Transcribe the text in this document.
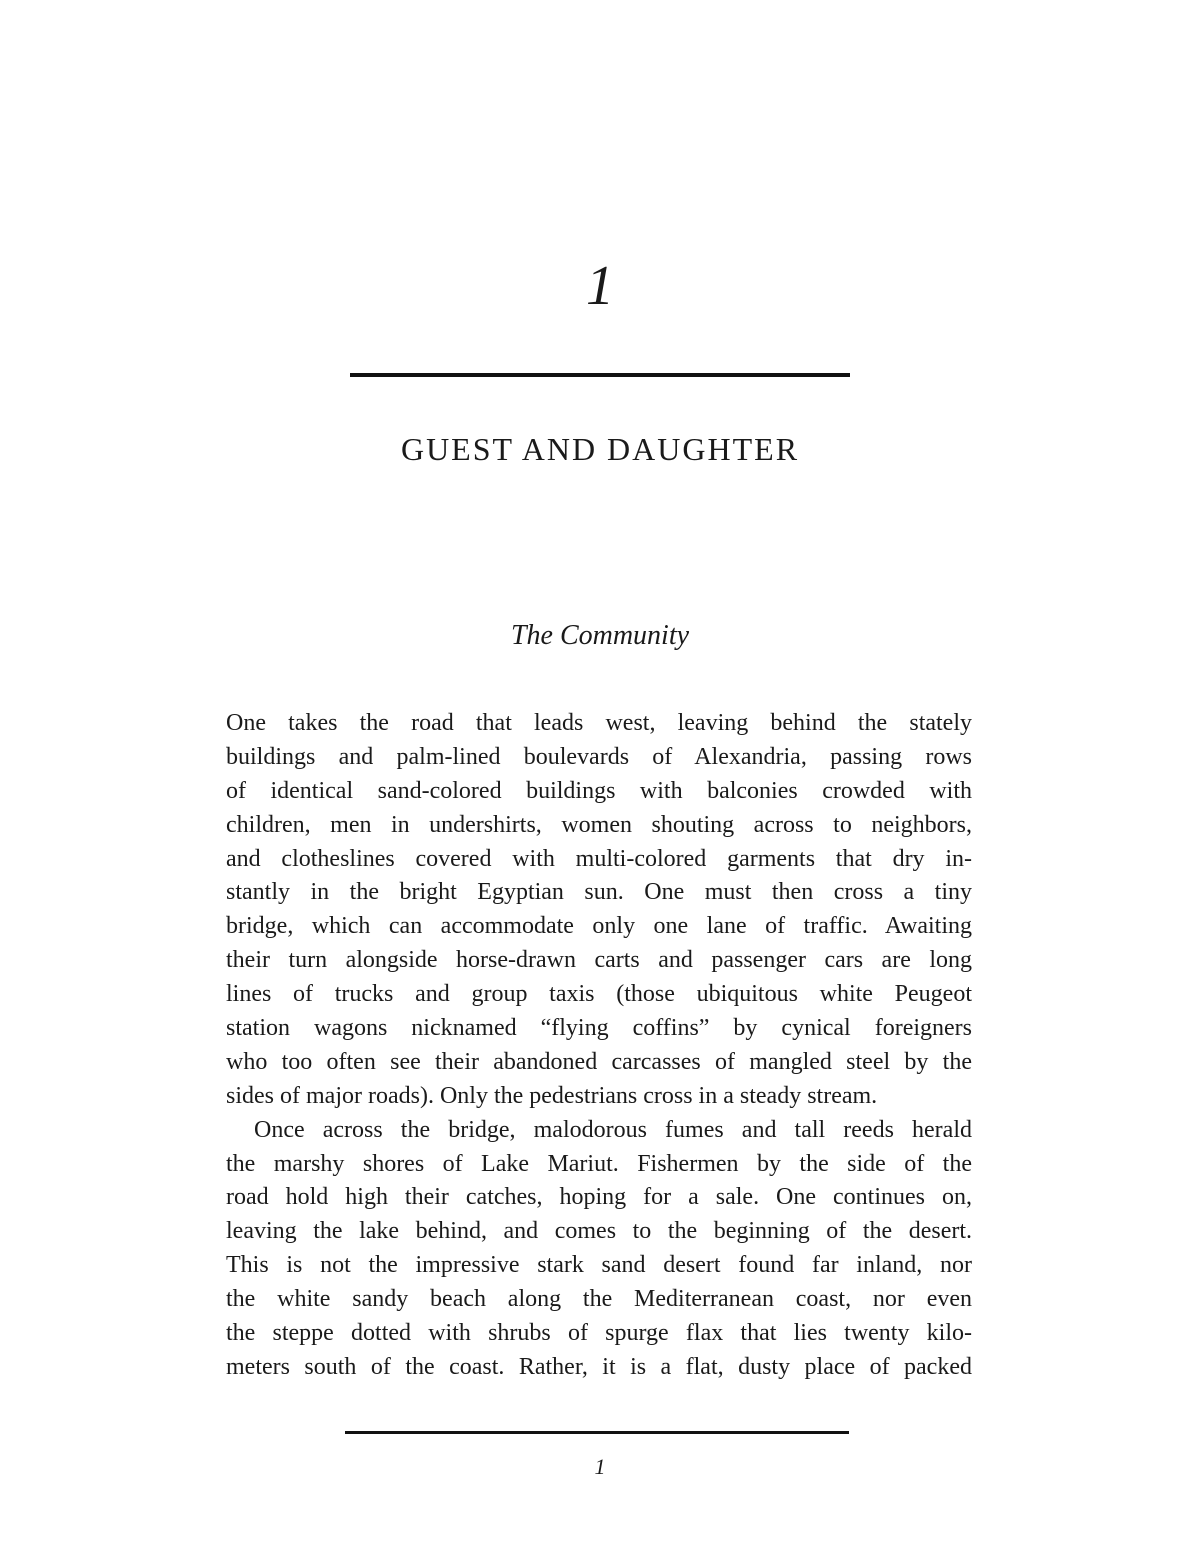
1
GUEST AND DAUGHTER
The Community
One takes the road that leads west, leaving behind the stately
buildings and palm-lined boulevards of Alexandria, passing rows
of identical sand-colored buildings with balconies crowded with
children, men in undershirts, women shouting across to neighbors,
and clotheslines covered with multi-colored garments that dry in-
stantly in the bright Egyptian sun. One must then cross a tiny
bridge, which can accommodate only one lane of traffic. Awaiting
their turn alongside horse-drawn carts and passenger cars are long
lines of trucks and group taxis (those ubiquitous white Peugeot
station wagons nicknamed “flying coffins” by cynical foreigners
who too often see their abandoned carcasses of mangled steel by the
sides of major roads). Only the pedestrians cross in a steady stream.
Once across the bridge, malodorous fumes and tall reeds herald
the marshy shores of Lake Mariut. Fishermen by the side of the
road hold high their catches, hoping for a sale. One continues on,
leaving the lake behind, and comes to the beginning of the desert.
This is not the impressive stark sand desert found far inland, nor
the white sandy beach along the Mediterranean coast, nor even
the steppe dotted with shrubs of spurge flax that lies twenty kilo-
meters south of the coast. Rather, it is a flat, dusty place of packed
1
